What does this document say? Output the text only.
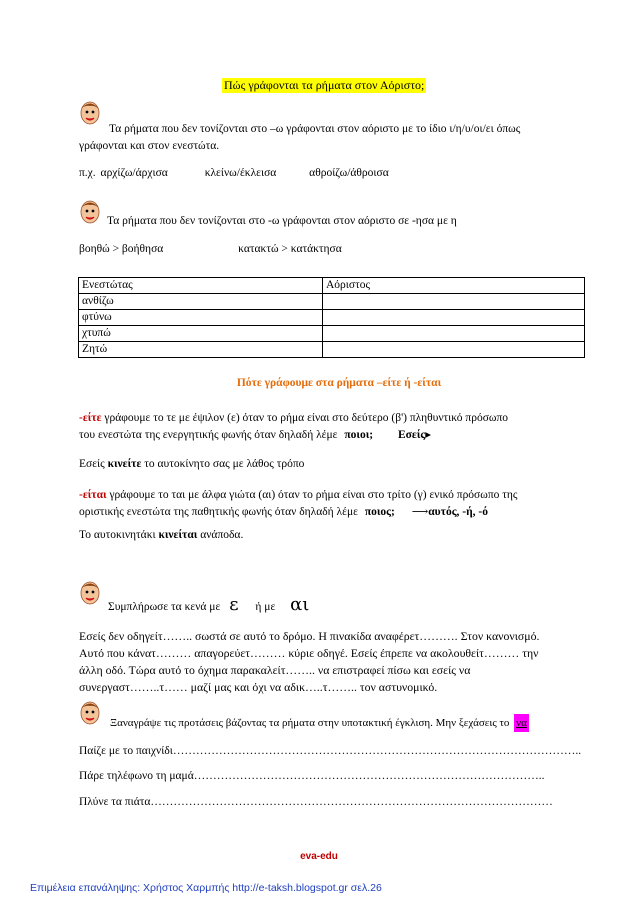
Πώς γράφονται τα ρήματα στον Αόριστο;
Τα ρήματα που δεν τονίζονται στο –ω γράφονται στον αόριστο με το ίδιο ι/η/υ/οι/ει όπως
γράφονται και στον ενεστώτα.
π.χ. αρχίζω/άρχισα	κλείνω/έκλεισα	αθροίζω/άθροισα
Τα ρήματα που δεν τονίζονται στο -ω γράφονται στον αόριστο σε -ησα με η
βοηθώ > βοήθησα	κατακτώ > κατάκτησα
Ενεστώτας	Αόριστος
ανθίζω	
φτύνω	
χτυπώ	
Ζητώ	
Πότε γράφουμε στα ρήματα –είτε ή -είται
-είτε γράφουμε το τε με έψιλον (ε) όταν το ρήμα είναι στο δεύτερο (β') πληθυντικό πρόσωπο
του ενεστώτα της ενεργητικής φωνής όταν δηλαδή λέμε ποιοι; Εσείς▸
Εσείς κινείτε το αυτοκίνητο σας με λάθος τρόπο
-είται γράφουμε το ται με άλφα γιώτα (αι) όταν το ρήμα είναι στο τρίτο (γ) ενικό πρόσωπο της
οριστικής ενεστώτα της παθητικής φωνής όταν δηλαδή λέμε ποιος; ⟶αυτός, -ή, -ό
Το αυτοκινητάκι κινείται ανάποδα.
Συμπλήρωσε τα κενά με ε ή με αι
Εσείς δεν οδηγείτ…….. σωστά σε αυτό το δρόμο. Η πινακίδα αναφέρετ………. Στον κανονισμό.
Αυτό που κάνατ……… απαγορεύετ……… κύριε οδηγέ. Εσείς έπρεπε να ακολουθείτ……… την
άλλη οδό. Τώρα αυτό το όχημα παρακαλείτ…….. να επιστραφεί πίσω και εσείς να
συνεργαστ……..τ…… μαζί μας και όχι να αδικ…..τ…….. τον αστυνομικό.
Ξαναγράψε τις προτάσεις βάζοντας τα ρήματα στην υποτακτική έγκλιση. Μην ξεχάσεις το να
Παίζε με το παιχνίδι……………………………………………………………………………………………..
Πάρε τηλέφωνο τη μαμά………………………………………………………………………………..
Πλύνε τα πιάτα……………………………………………………………………………………………
eva-edu
Επιμέλεια επανάληψης: Χρήστος Χαρμπής http://e-taksh.blogspot.gr σελ.26
